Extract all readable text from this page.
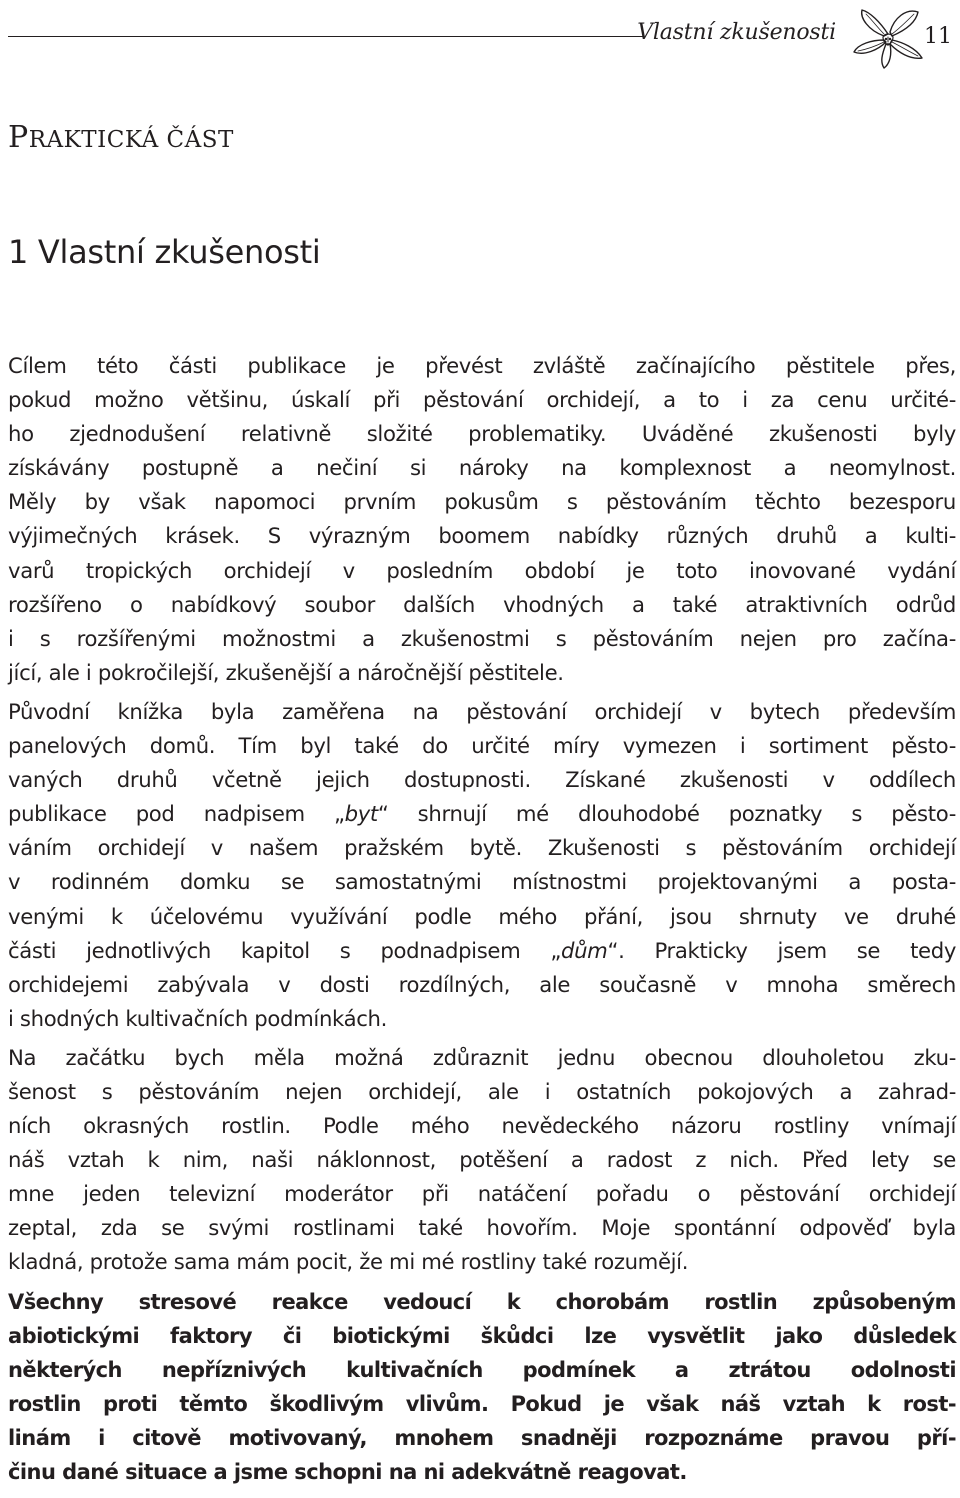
Vlastní zkušenosti	11
PRAKTICKÁ ČÁST
1 Vlastní zkušenosti

Cílem této části publikace je převést zvláště začínajícího pěstitele přes,
pokud možno většinu, úskalí při pěstování orchidejí, a to i za cenu určité-
ho zjednodušení relativně složité problematiky. Uváděné zkušenosti byly
získávány postupně a nečiní si nároky na komplexnost a neomylnost.
Měly by však napomoci prvním pokusům s pěstováním těchto bezesporu
výjimečných krásek. S výrazným boomem nabídky různých druhů a kulti-
varů tropických orchidejí v posledním období je toto inovované vydání
rozšířeno o nabídkový soubor dalších vhodných a také atraktivních odrůd
i s rozšířenými možnostmi a zkušenostmi s pěstováním nejen pro začína-
jící, ale i pokročilejší, zkušenější a náročnější pěstitele.

Původní knížka byla zaměřena na pěstování orchidejí v bytech především
panelových domů. Tím byl také do určité míry vymezen i sortiment pěsto-
vaných druhů včetně jejich dostupnosti. Získané zkušenosti v oddílech
publikace pod nadpisem „byt“ shrnují mé dlouhodobé poznatky s pěsto-
váním orchidejí v našem pražském bytě. Zkušenosti s pěstováním orchidejí
v rodinném domku se samostatnými místnostmi projektovanými a posta-
venými k účelovému využívání podle mého přání, jsou shrnuty ve druhé
části jednotlivých kapitol s podnadpisem „dům“. Prakticky jsem se tedy
orchidejemi zabývala v dosti rozdílných, ale současně v mnoha směrech
i shodných kultivačních podmínkách.

Na začátku bych měla možná zdůraznit jednu obecnou dlouholetou zku-
šenost s pěstováním nejen orchidejí, ale i ostatních pokojových a zahrad-
ních okrasných rostlin. Podle mého nevědeckého názoru rostliny vnímají
náš vztah k nim, naši náklonnost, potěšení a radost z nich. Před lety se
mne jeden televizní moderátor při natáčení pořadu o pěstování orchidejí
zeptal, zda se svými rostlinami také hovořím. Moje spontánní odpověď byla
kladná, protože sama mám pocit, že mi mé rostliny také rozumějí.

Všechny stresové reakce vedoucí k chorobám rostlin způsobeným
abiotickými faktory či biotickými škůdci lze vysvětlit jako důsledek
některých nepříznivých kultivačních podmínek a ztrátou odolnosti
rostlin proti těmto škodlivým vlivům. Pokud je však náš vztah k rost-
linám i citově motivovaný, mnohem snadněji rozpoznáme pravou pří-
činu dané situace a jsme schopni na ni adekvátně reagovat.
